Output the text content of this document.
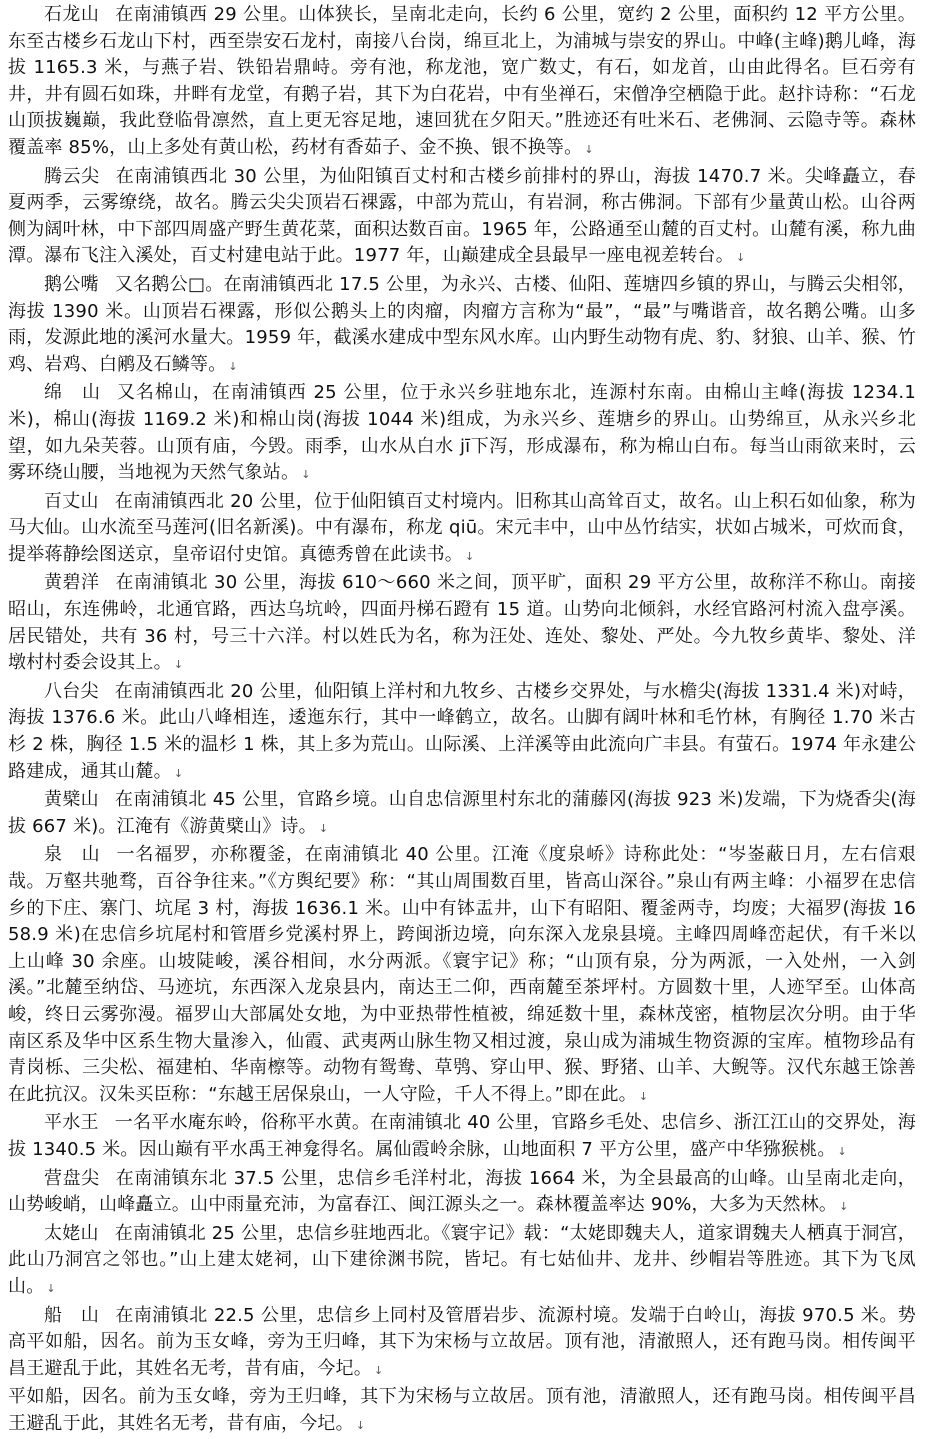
石龙山 在南浦镇西 29 公里。山体狭长，呈南北走向，长约 6 公里，宽约 2 公里，面积约 12 平方公里。东至古楼乡石龙山下村，西至崇安石龙村，南接八台岗，绵亘北上，为浦城与崇安的界山。中峰(主峰)鹅儿峰，海拔 1165.3 米，与燕子岩、铁铅岩鼎峙。旁有池，称龙池，宽广数丈，有石，如龙首，山由此得名。巨石旁有井，井有圆石如珠，井畔有龙堂，有鹅子岩，其下为白花岩，中有坐禅石，宋僧净空栖隐于此。赵抃诗称：“石龙山顶拔巍巅，我此登临骨凛然，直上更无容足地，速回犹在夕阳天。”胜迹还有吐米石、老佛洞、云隐寺等。森林覆盖率 85%，山上多处有黄山松，药材有香茹子、金不换、银不换等。 ↓

腾云尖 在南浦镇西北 30 公里，为仙阳镇百丈村和古楼乡前排村的界山，海拔 1470.7 米。尖峰矗立，春夏两季，云雾缭绕，故名。腾云尖尖顶岩石裸露，中部为荒山，有岩洞，称古佛洞。下部有少量黄山松。山谷两侧为阔叶林，中下部四周盛产野生黄花菜，面积达数百亩。1965 年，公路通至山麓的百丈村。山麓有溪，称九曲潭。瀑布飞注入溪处，百丈村建电站于此。1977 年，山巅建成全县最早一座电视差转台。 ↓

鹅公嘴 又名鹅公□。在南浦镇西北 17.5 公里，为永兴、古楼、仙阳、莲塘四乡镇的界山，与腾云尖相邻，海拔 1390 米。山顶岩石裸露，形似公鹅头上的肉瘤，肉瘤方言称为“最”，“最”与嘴谐音，故名鹅公嘴。山多雨，发源此地的溪河水量大。1959 年，截溪水建成中型东风水库。山内野生动物有虎、豹、豺狼、山羊、猴、竹鸡、岩鸡、白鹇及石鳞等。 ↓

绵　山 又名棉山，在南浦镇西 25 公里，位于永兴乡驻地东北，连源村东南。由棉山主峰(海拔 1234.1 米)，棉山(海拔 1169.2 米)和棉山岗(海拔 1044 米)组成，为永兴乡、莲塘乡的界山。山势绵亘，从永兴乡北望，如九朵芙蓉。山顶有庙，今毁。雨季，山水从白水 jī下泻，形成瀑布，称为棉山白布。每当山雨欲来时，云雾环绕山腰，当地视为天然气象站。 ↓

百丈山 在南浦镇西北 20 公里，位于仙阳镇百丈村境内。旧称其山高耸百丈，故名。山上积石如仙象，称为马大仙。山水流至马莲河(旧名新溪)。中有瀑布，称龙 qiū。宋元丰中，山中丛竹结实，状如占城米，可炊而食，提举蒋静绘图送京，皇帝诏付史馆。真德秀曾在此读书。 ↓

黄碧洋 在南浦镇北 30 公里，海拔 610～660 米之间，顶平旷，面积 29 平方公里，故称洋不称山。南接昭山，东连佛岭，北通官路，西达乌坑岭，四面丹梯石蹬有 15 道。山势向北倾斜，水经官路河村流入盘亭溪。居民错处，共有 36 村，号三十六洋。村以姓氏为名，称为汪处、连处、黎处、严处。今九牧乡黄毕、黎处、洋墩村村委会设其上。 ↓

八台尖 在南浦镇西北 20 公里，仙阳镇上洋村和九牧乡、古楼乡交界处，与水檐尖(海拔 1331.4 米)对峙，海拔 1376.6 米。此山八峰相连，逶迤东行，其中一峰鹤立，故名。山脚有阔叶林和毛竹林，有胸径 1.70 米古杉 2 株，胸径 1.5 米的温杉 1 株，其上多为荒山。山际溪、上洋溪等由此流向广丰县。有萤石。1974 年永建公路建成，通其山麓。 ↓

黄檗山 在南浦镇北 45 公里，官路乡境。山自忠信源里村东北的蒲藤冈(海拔 923 米)发端，下为烧香尖(海拔 667 米)。江淹有《游黄檗山》诗。 ↓

泉　山 一名福罗，亦称覆釜，在南浦镇北 40 公里。江淹《度泉峤》诗称此处：“岑崟蔽日月，左右信艰哉。万壑共驰骛，百谷争往来。”《方舆纪要》称：“其山周围数百里，皆高山深谷。”泉山有两主峰：小福罗在忠信乡的下庄、寨门、坑尾 3 村，海拔 1636.1 米。山中有钵盂井，山下有昭阳、覆釜两寺，均废；大福罗(海拔 1658.9 米)在忠信乡坑尾村和管厝乡党溪村界上，跨闽浙边境，向东深入龙泉县境。主峰四周峰峦起伏，有千米以上山峰 30 余座。山坡陡峻，溪谷相间，水分两派。《寰宇记》称；“山顶有泉，分为两派，一入处州，一入剑溪。”北麓至纳岱、马迹坑，东西深入龙泉县内，南达王二仰，西南麓至茶坪村。方圆数十里，人迹罕至。山体高峻，终日云雾弥漫。福罗山大部属处女地，为中亚热带性植被，绵延数十里，森林茂密，植物层次分明。由于华南区系及华中区系生物大量渗入，仙霞、武夷两山脉生物又相过渡，泉山成为浦城生物资源的宝库。植物珍品有青岗栎、三尖松、福建柏、华南檫等。动物有鸳鸯、草鸮、穿山甲、猴、野猪、山羊、大鲵等。汉代东越王馀善在此抗汉。汉朱买臣称：“东越王居保泉山，一人守险，千人不得上。”即在此。 ↓

平水王 一名平水庵东岭，俗称平水黄。在南浦镇北 40 公里，官路乡毛处、忠信乡、浙江江山的交界处，海拔 1340.5 米。因山巅有平水禹王神龛得名。属仙霞岭余脉，山地面积 7 平方公里，盛产中华猕猴桃。 ↓

营盘尖 在南浦镇东北 37.5 公里，忠信乡毛洋村北，海拔 1664 米，为全县最高的山峰。山呈南北走向，山势峻峭，山峰矗立。山中雨量充沛，为富春江、闽江源头之一。森林覆盖率达 90%，大多为天然林。 ↓

太姥山 在南浦镇北 25 公里，忠信乡驻地西北。《寰宇记》载：“太姥即魏夫人，道家谓魏夫人栖真于洞宫，此山乃洞宫之邻也。”山上建太姥祠，山下建徐渊书院，皆圮。有七姑仙井、龙井、纱帽岩等胜迹。其下为飞凤山。 ↓

船　山 在南浦镇北 22.5 公里，忠信乡上同村及管厝岩步、流源村境。发端于白岭山，海拔 970.5 米。势高平如船，因名。前为玉女峰，旁为王归峰，其下为宋杨与立故居。顶有池，清澈照人，还有跑马岗。相传闽平昌王避乱于此，其姓名无考，昔有庙，今圮。 ↓

平如船，因名。前为玉女峰，旁为王归峰，其下为宋杨与立故居。顶有池，清澈照人，还有跑马岗。相传闽平昌王避乱于此，其姓名无考，昔有庙，今圮。 ↓
